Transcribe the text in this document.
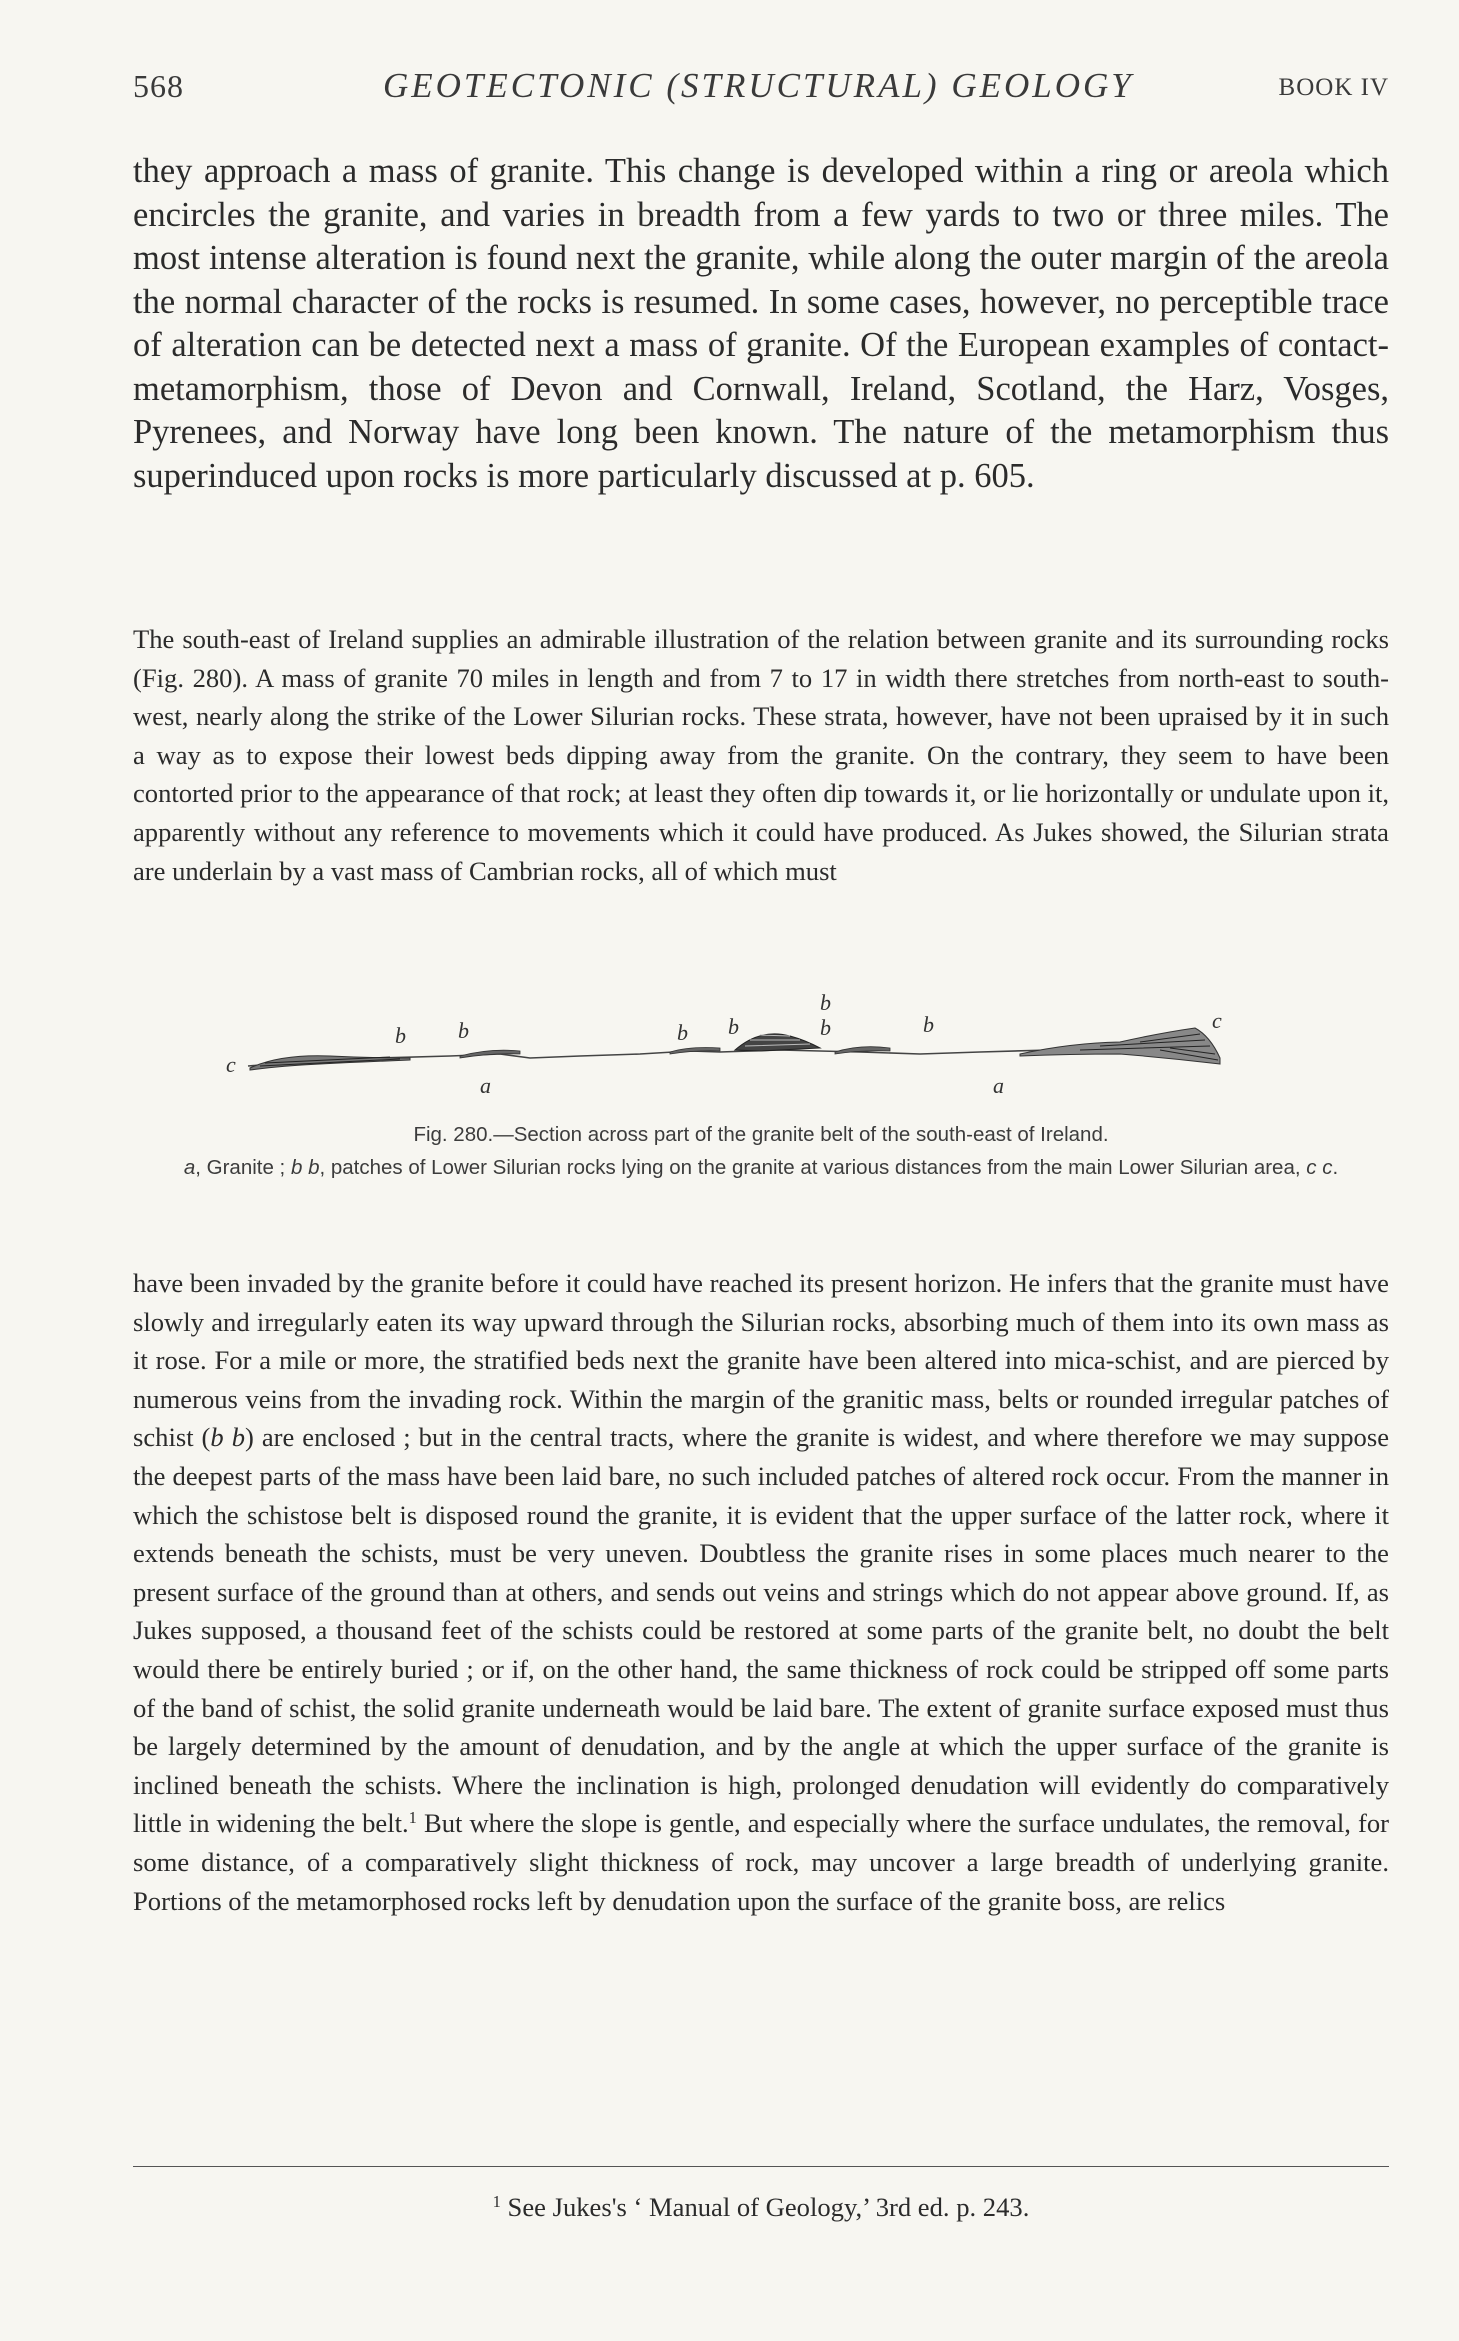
568	GEOTECTONIC (STRUCTURAL) GEOLOGY	BOOK IV

they approach a mass of granite. This change is developed within a ring or areola which encircles the granite, and varies in breadth from a few yards to two or three miles. The most intense alteration is found next the granite, while along the outer margin of the areola the normal character of the rocks is resumed. In some cases, however, no perceptible trace of alteration can be detected next a mass of granite. Of the European examples of contact-metamorphism, those of Devon and Cornwall, Ireland, Scotland, the Harz, Vosges, Pyrenees, and Norway have long been known. The nature of the metamorphism thus superinduced upon rocks is more particularly discussed at p. 605.

The south-east of Ireland supplies an admirable illustration of the relation between granite and its surrounding rocks (Fig. 280). A mass of granite 70 miles in length and from 7 to 17 in width there stretches from north-east to south-west, nearly along the strike of the Lower Silurian rocks. These strata, however, have not been upraised by it in such a way as to expose their lowest beds dipping away from the granite. On the contrary, they seem to have been contorted prior to the appearance of that rock; at least they often dip towards it, or lie horizontally or undulate upon it, apparently without any reference to movements which it could have produced. As Jukes showed, the Silurian strata are underlain by a vast mass of Cambrian rocks, all of which must

c
b b	b b	b	b
b
c
a	a
Fig. 280.—Section across part of the granite belt of the south-east of Ireland.
a, Granite ; b b, patches of Lower Silurian rocks lying on the granite at various distances from the main Lower Silurian area, c c.

have been invaded by the granite before it could have reached its present horizon. He infers that the granite must have slowly and irregularly eaten its way upward through the Silurian rocks, absorbing much of them into its own mass as it rose. For a mile or more, the stratified beds next the granite have been altered into mica-schist, and are pierced by numerous veins from the invading rock. Within the margin of the granitic mass, belts or rounded irregular patches of schist (b b) are enclosed ; but in the central tracts, where the granite is widest, and where therefore we may suppose the deepest parts of the mass have been laid bare, no such included patches of altered rock occur. From the manner in which the schistose belt is disposed round the granite, it is evident that the upper surface of the latter rock, where it extends beneath the schists, must be very uneven. Doubtless the granite rises in some places much nearer to the present surface of the ground than at others, and sends out veins and strings which do not appear above ground. If, as Jukes supposed, a thousand feet of the schists could be restored at some parts of the granite belt, no doubt the belt would there be entirely buried ; or if, on the other hand, the same thickness of rock could be stripped off some parts of the band of schist, the solid granite underneath would be laid bare. The extent of granite surface exposed must thus be largely determined by the amount of denudation, and by the angle at which the upper surface of the granite is inclined beneath the schists. Where the inclination is high, prolonged denudation will evidently do comparatively little in widening the belt.$^1$ But where the slope is gentle, and especially where the surface undulates, the removal, for some distance, of a comparatively slight thickness of rock, may uncover a large breadth of underlying granite. Portions of the metamorphosed rocks left by denudation upon the surface of the granite boss, are relics

$^1$ See Jukes's ‘ Manual of Geology,’ 3rd ed. p. 243.
